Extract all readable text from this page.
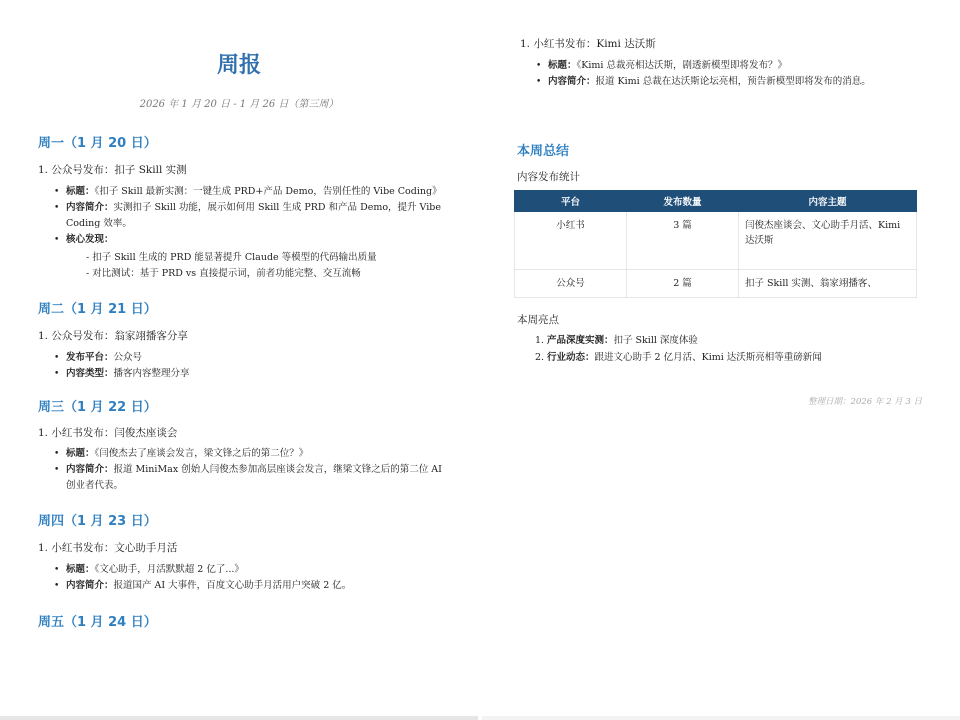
周报
2026 年 1 月 20 日 - 1 月 26 日（第三周）
周一（1 月 20 日）
1. 公众号发布：扣子 Skill 实测
• 标题：《扣子 Skill 最新实测：一键生成 PRD+产品 Demo，告别任性的 Vibe Coding》
• 内容简介：实测扣子 Skill 功能，展示如何用 Skill 生成 PRD 和产品 Demo，提升 Vibe Coding 效率。
• 核心发现：
- 扣子 Skill 生成的 PRD 能显著提升 Claude 等模型的代码输出质量
- 对比测试：基于 PRD vs 直接提示词，前者功能完整、交互流畅
周二（1 月 21 日）
1. 公众号发布：翁家翊播客分享
• 发布平台：公众号
• 内容类型：播客内容整理分享
周三（1 月 22 日）
1. 小红书发布：闫俊杰座谈会
• 标题：《闫俊杰去了座谈会发言，梁文锋之后的第二位？》
• 内容简介：报道 MiniMax 创始人闫俊杰参加高层座谈会发言，继梁文锋之后的第二位 AI 创业者代表。
周四（1 月 23 日）
1. 小红书发布：文心助手月活
• 标题：《文心助手，月活默默超 2 亿了...》
• 内容简介：报道国产 AI 大事件，百度文心助手月活用户突破 2 亿。
周五（1 月 24 日）
1. 小红书发布：Kimi 达沃斯
• 标题：《Kimi 总裁亮相达沃斯，剧透新模型即将发布？》
• 内容简介：报道 Kimi 总裁在达沃斯论坛亮相，预告新模型即将发布的消息。
本周总结
内容发布统计
平台	发布数量	内容主题
小红书	3 篇	闫俊杰座谈会、文心助手月活、Kimi 达沃斯
公众号	2 篇	扣子 Skill 实测、翁家翊播客、
本周亮点
1. 产品深度实测：扣子 Skill 深度体验
2. 行业动态：跟进文心助手 2 亿月活、Kimi 达沃斯亮相等重磅新闻
整理日期：2026 年 2 月 3 日
